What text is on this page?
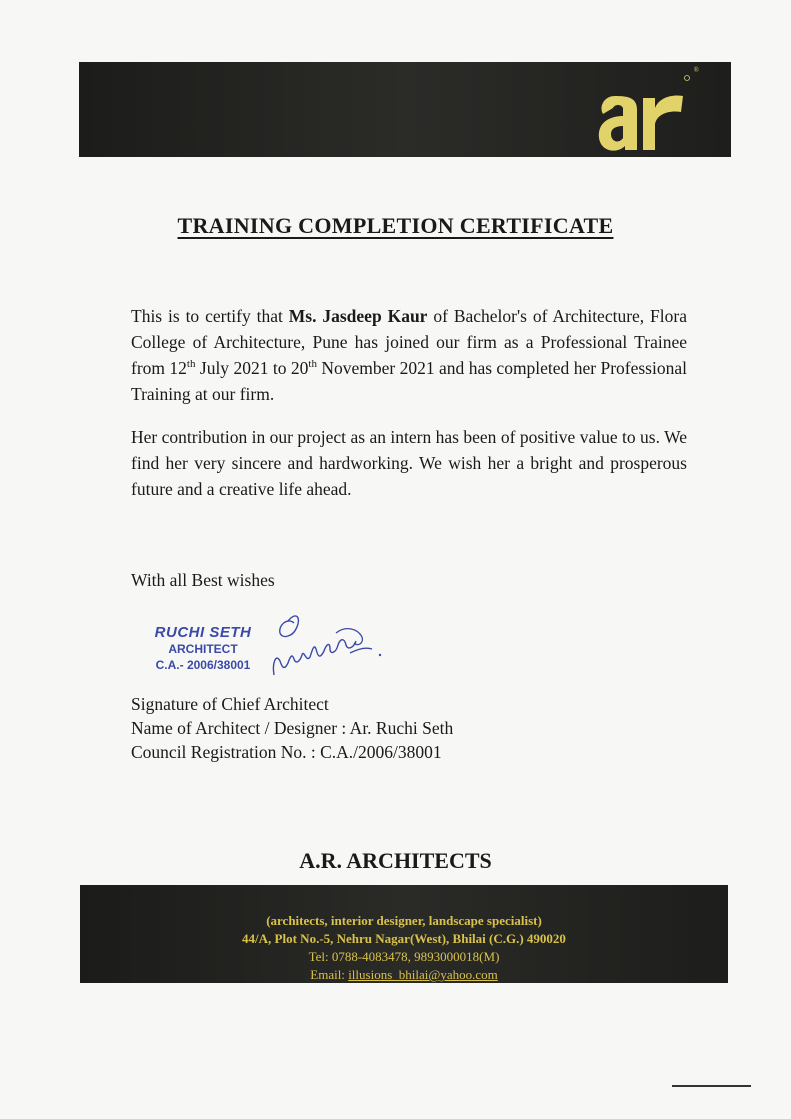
®
TRAINING COMPLETION CERTIFICATE
This is to certify that Ms. Jasdeep Kaur of Bachelor's of Architecture, Flora College of Architecture, Pune has joined our firm as a Professional Trainee from 12th July 2021 to 20th November 2021 and has completed her Professional Training at our firm.
Her contribution in our project as an intern has been of positive value to us. We find her very sincere and hardworking. We wish her a bright and prosperous future and a creative life ahead.
With all Best wishes
RUCHI SETH
ARCHITECT
C.A.- 2006/38001
Signature of Chief Architect
Name of Architect / Designer : Ar. Ruchi Seth
Council Registration No. : C.A./2006/38001
A.R. ARCHITECTS
(architects, interior designer, landscape specialist)
44/A, Plot No.-5, Nehru Nagar(West), Bhilai (C.G.) 490020
Tel: 0788-4083478, 9893000018(M)
Email: illusions_bhilai@yahoo.com
